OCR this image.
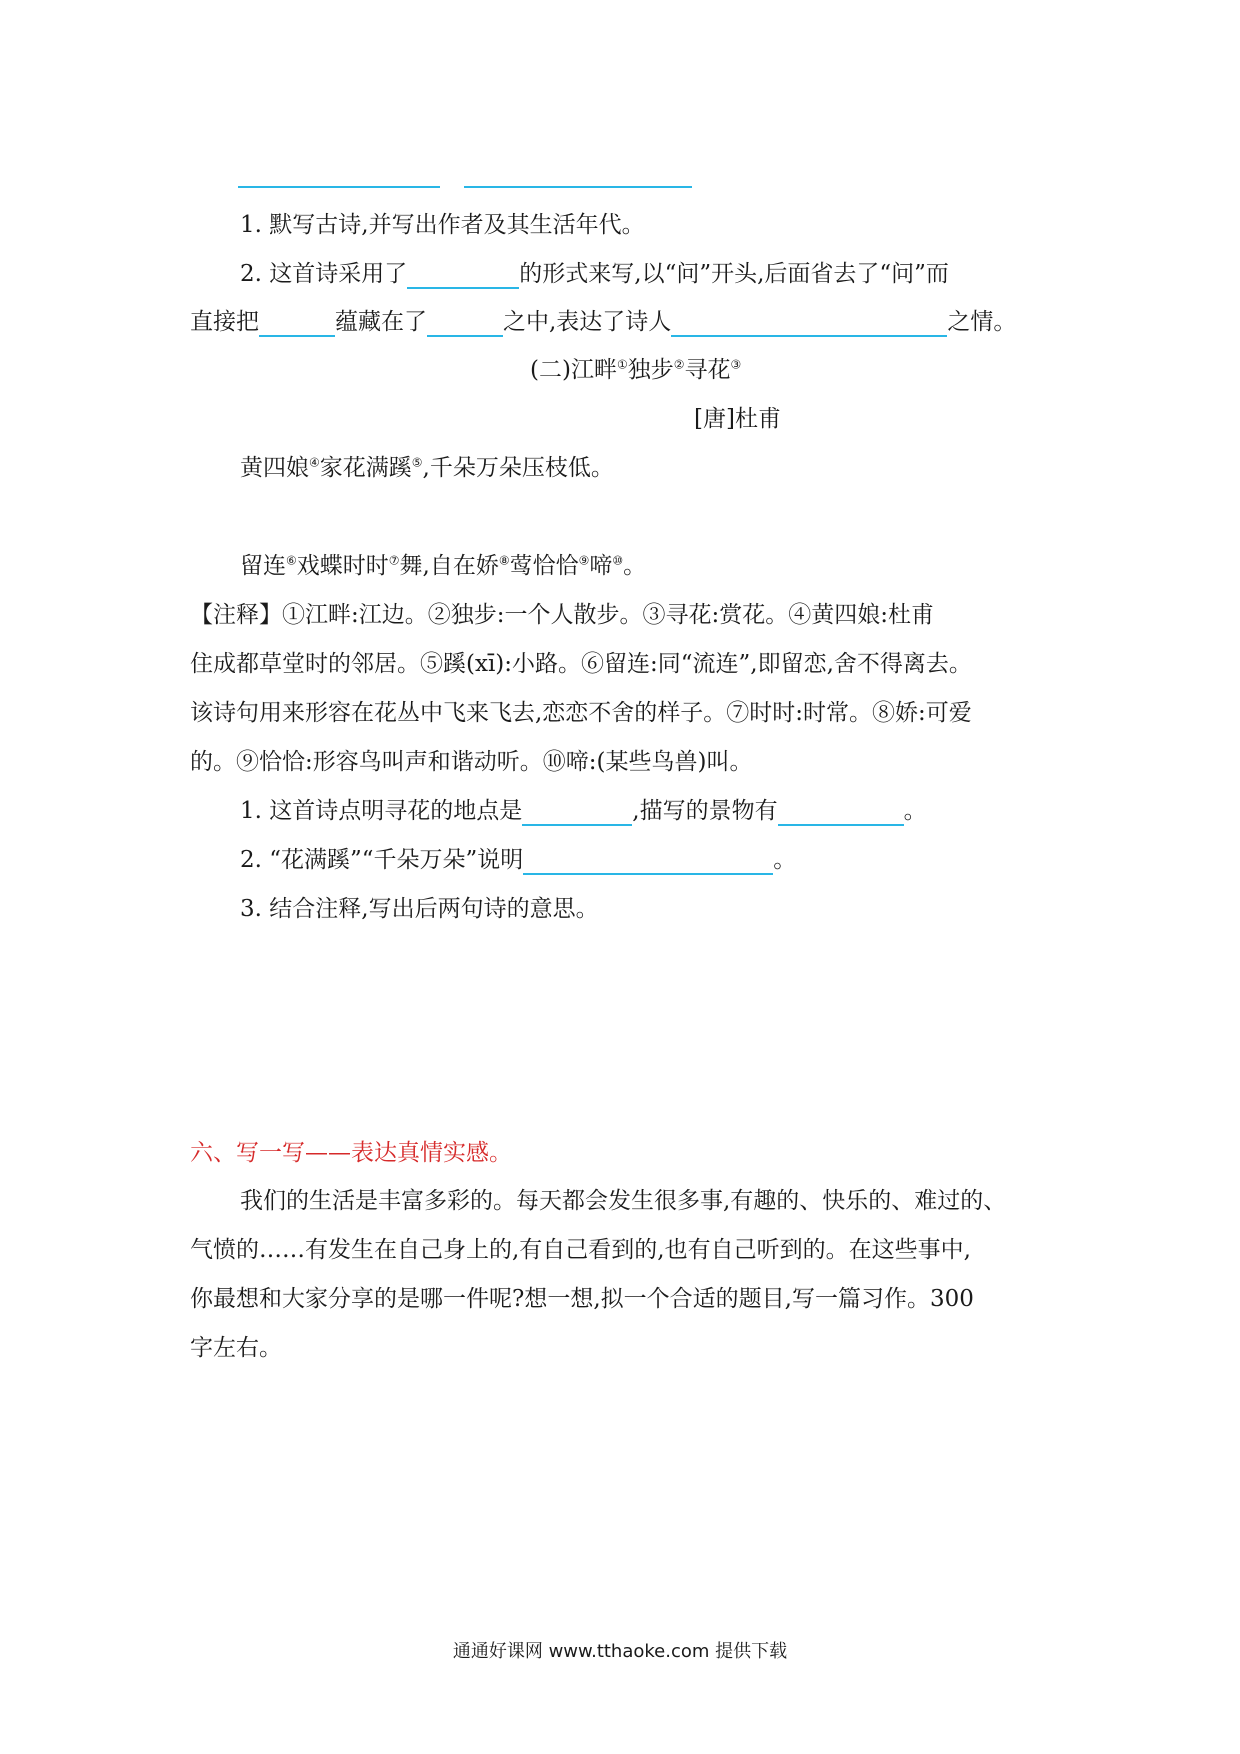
1. 默写古诗,并写出作者及其生活年代。
2. 这首诗采用了	的形式来写,以“问”开头,后面省去了“问”而
直接把	蕴藏在了	之中,表达了诗人	之情。
(二)江畔①独步②寻花③
[唐]杜甫
黄四娘④家花满蹊⑤,千朵万朵压枝低。
留连⑥戏蝶时时⑦舞,自在娇⑧莺恰恰⑨啼⑩。
【注释】①江畔:江边。②独步:一个人散步。③寻花:赏花。④黄四娘:杜甫
住成都草堂时的邻居。⑤蹊(xī):小路。⑥留连:同“流连”,即留恋,舍不得离去。
该诗句用来形容在花丛中飞来飞去,恋恋不舍的样子。⑦时时:时常。⑧娇:可爱
的。⑨恰恰:形容鸟叫声和谐动听。⑩啼:(某些鸟兽)叫。
1. 这首诗点明寻花的地点是	,描写的景物有	。
2. “花满蹊”“千朵万朵”说明	。
3. 结合注释,写出后两句诗的意思。
六、写一写——表达真情实感。
我们的生活是丰富多彩的。每天都会发生很多事,有趣的、快乐的、难过的、
气愤的……有发生在自己身上的,有自己看到的,也有自己听到的。在这些事中,
你最想和大家分享的是哪一件呢?想一想,拟一个合适的题目,写一篇习作。300
字左右。
通通好课网 www.tthaoke.com 提供下载
